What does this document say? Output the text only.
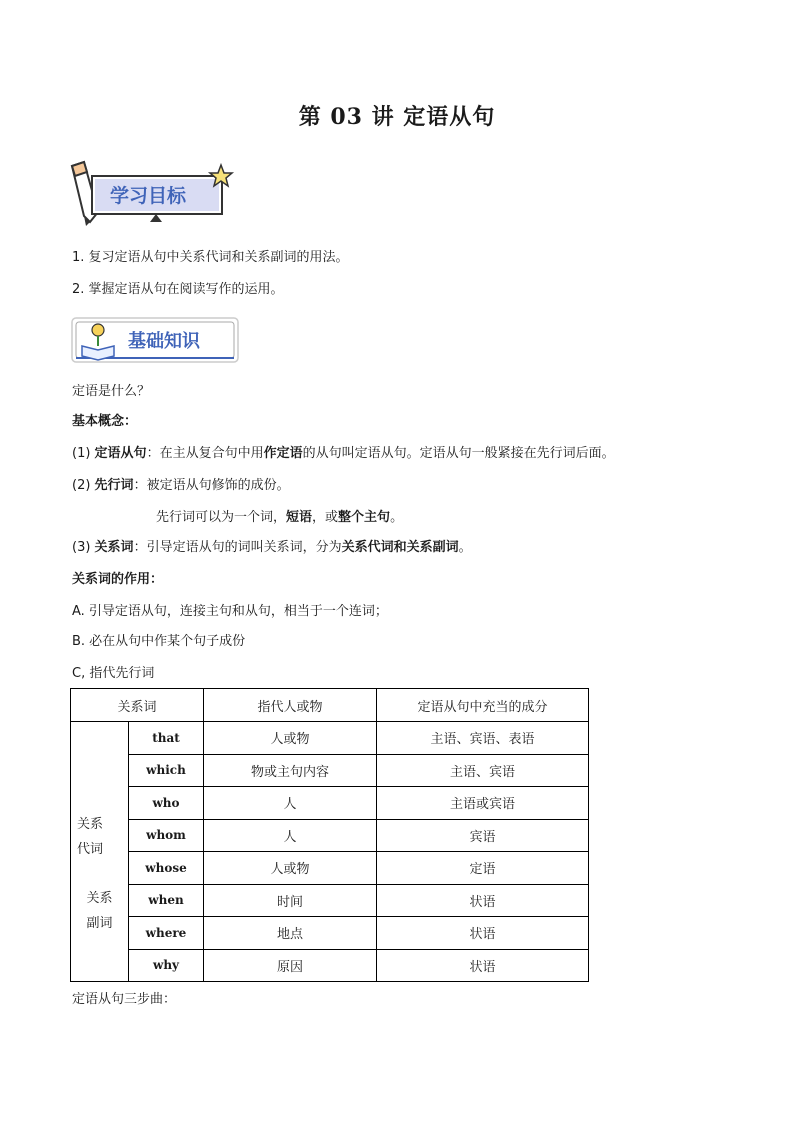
第 03 讲 定语从句
学习目标
1. 复习定语从句中关系代词和关系副词的用法。
2. 掌握定语从句在阅读写作的运用。
基础知识
定语是什么？
基本概念：
(1) 定语从句：在主从复合句中用作定语的从句叫定语从句。定语从句一般紧接在先行词后面。
(2) 先行词：被定语从句修饰的成份。
先行词可以为一个词，短语，或整个主句。
(3) 关系词：引导定语从句的词叫关系词，分为关系代词和关系副词。
关系词的作用：
A. 引导定语从句，连接主句和从句，相当于一个连词；
B. 必在从句中作某个句子成份
C, 指代先行词
关系词		指代人或物	定语从句中充当的成分
关系
代词	that	人或物	主语、宾语、表语
	which	物或主句内容	主语、宾语
	who	人	主语或宾语
	whom	人	宾语
	whose	人或物	定语

关系
副词	when	时间	状语
	where	地点	状语
	why	原因	状语
定语从句三步曲：
